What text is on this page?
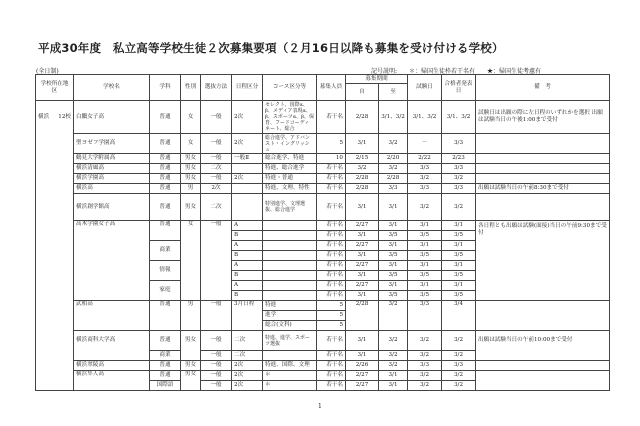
平成30年度　私立高等学校生徒２次募集要項（２月16日以降も募集を受け付ける学校）
(全日制)	記号説明: ＊：帰国生徒枠若干名有 ★：帰国生徒考慮有
学校所在地区	学校名	学科	性別	選抜方法	日程区分	コース区分等	募集人員	募集期間		試験日	合格者発表日	備　考
								自	至			
横浜 12校	白鵬女子高	普通	女	一般	2次	セレクト、国際α、β、メディア表現α、β、スポーツα、β、保育、フードコーディネート、総合	若干名	2/28	3/1、3/2	3/1、3/2	3/1、3/2	試験日は出願の際に左日程のいずれかを選択 出願は試験当日の午後1:00まで受付
	聖ヨゼフ学園高	普通	女	一般	2次	総合進学、アドバンスト・イングリッシュ	5	3/1	3/2	－	3/3	
	鶴見大学附属高	普通	男女	一般	一般Ⅱ	総合進学、特進	10	2/15	2/20	2/22	2/23	
	横浜清風高	普通	男女	二次		特進、総合進学	若干名	3/2	3/2	3/3	3/3	
	横浜学園高	普通	男女	一般	2次	特進・普通	若干名	2/28	2/28	3/2	3/2	
	横浜高	普通	男	2次		特進、文理、特性	若干名	2/28	3/3	3/3	3/3	出願は試験当日の午前8:30まで受付
	横浜創学館高	普通	男女	二次		特別進学、文理選抜、総合進学	若干名	3/1	3/1	3/2	3/2	
	高木学園女子高	普通	女	一般	A		若干名	2/27	3/1	3/1	3/1	各日程とも出願は試験(面接)当日の午前9:30まで受付
					B		若干名	3/1	3/5	3/5	3/5	
		商業			A		若干名	2/27	3/1	3/1	3/1	
					B		若干名	3/1	3/5	3/5	3/5	
		情報			A		若干名	2/27	3/1	3/1	3/1	
					B		若干名	3/1	3/5	3/5	3/5	
		家庭			A		若干名	2/27	3/1	3/1	3/1	
					B		若干名	3/1	3/5	3/5	3/5	
	武相高	普通	男	一般	3月日程	特進	5	2/28	3/2	3/3	3/4	
						進学	5					
						総合(文科)	5					
	横浜商科大学高	普通	男女	一般	二次	特進、進学、スポーツ選抜	若干名	3/1	3/2	3/2	3/2	出願は試験当日の午前10:00まで受付
		商業		一般	二次		若干名	3/1	3/2	3/2	3/2	
	横浜翠陵高	普通	男女	一般	2次	特進、国際、文理	若干名	2/26	3/2	3/3	3/3	
	横浜隼人高	普通	男女	一般	2次	＊	若干名	2/27	3/1	3/2	3/2	
		国際語		一般	2次	＊	若干名	2/27	3/1	3/2	3/2	
1
